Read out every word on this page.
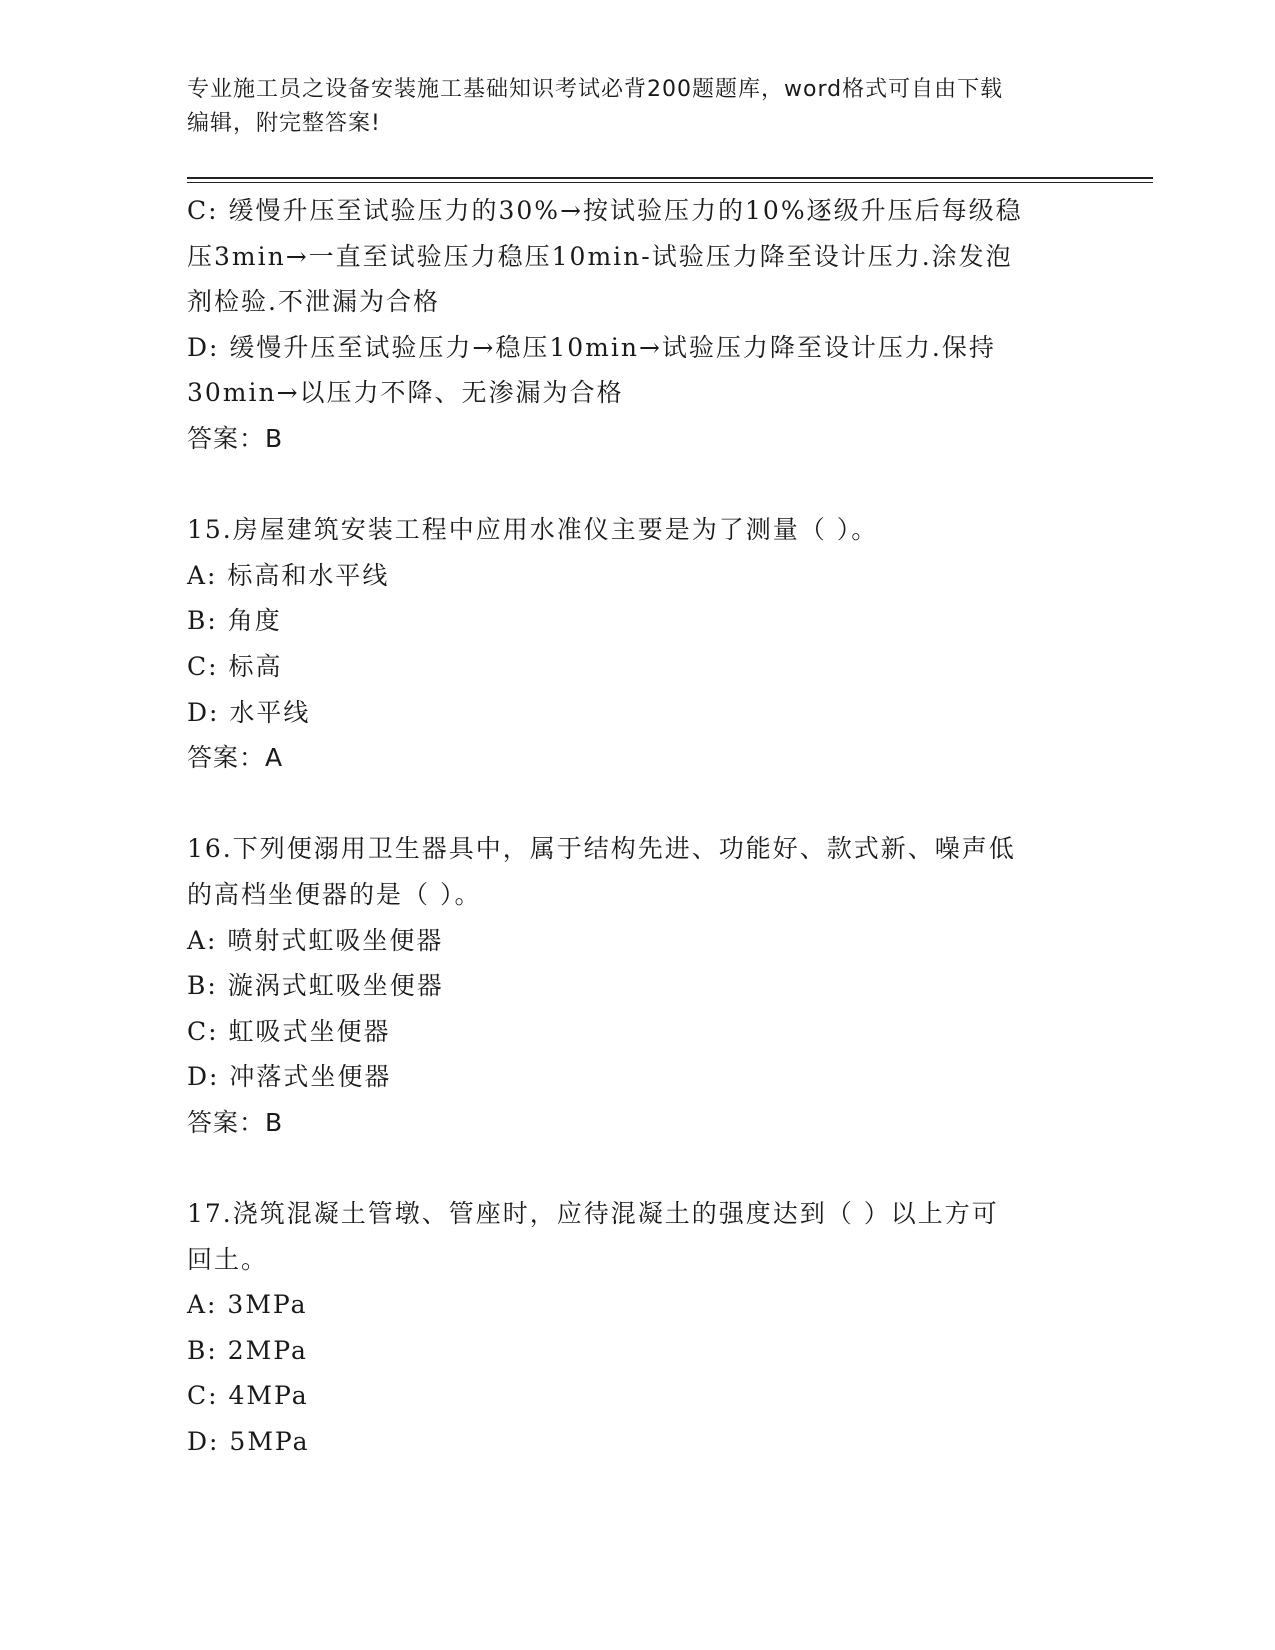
专业施工员之设备安装施工基础知识考试必背200题题库，word格式可自由下载
编辑，附完整答案!
C: 缓慢升压至试验压力的30%→按试验压力的10%逐级升压后每级稳
压3min→一直至试验压力稳压10min-试验压力降至设计压力.涂发泡
剂检验.不泄漏为合格
D: 缓慢升压至试验压力→稳压10min→试验压力降至设计压力.保持
30min→以压力不降、无渗漏为合格
答案：B
15.房屋建筑安装工程中应用水准仪主要是为了测量（ ）。
A: 标高和水平线
B: 角度
C: 标高
D: 水平线
答案：A
16.下列便溺用卫生器具中，属于结构先进、功能好、款式新、噪声低
的高档坐便器的是（ ）。
A: 喷射式虹吸坐便器
B: 漩涡式虹吸坐便器
C: 虹吸式坐便器
D: 冲落式坐便器
答案：B
17.浇筑混凝土管墩、管座时，应待混凝土的强度达到（ ）以上方可
回土。
A: 3MPa
B: 2MPa
C: 4MPa
D: 5MPa
